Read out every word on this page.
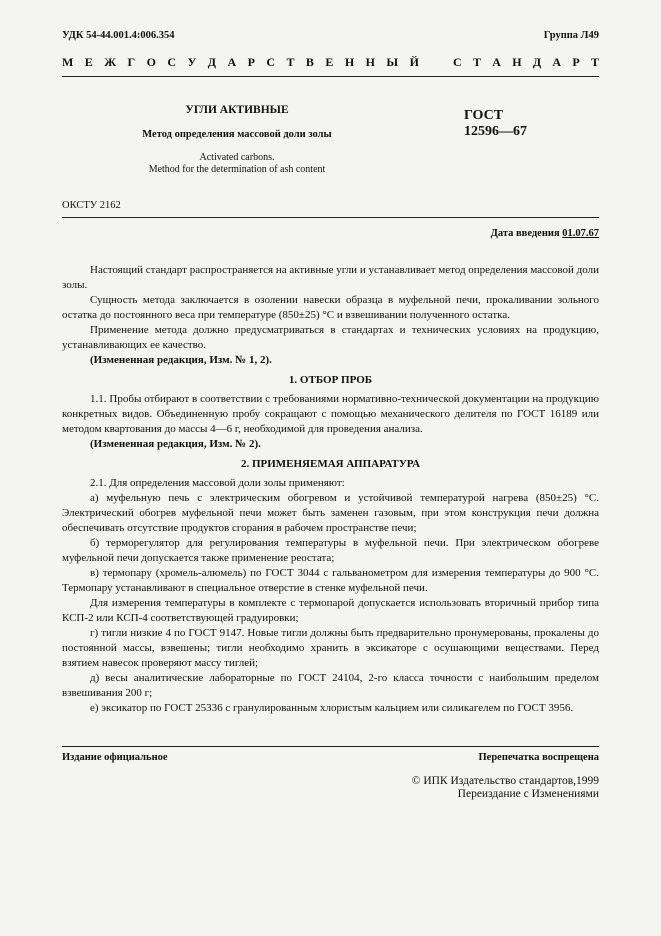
УДК 54-44.001.4:006.354	Группа Л49
М Е Ж Г О С У Д А Р С Т В Е Н Н Ы Й	С Т А Н Д А Р Т
УГЛИ АКТИВНЫЕ
Метод определения массовой доли золы
Activated carbons.
Method for the determination of ash content
ГОСТ
12596—67
ОКСТУ 2162
Дата введения 01.07.67

Настоящий стандарт распространяется на активные угли и устанавливает метод определения массовой доли золы.

Сущность метода заключается в озолении навески образца в муфельной печи, прокаливании зольного остатка до постоянного веса при температуре (850±25) °С и взвешивании полученного остатка.

Применение метода должно предусматриваться в стандартах и технических условиях на продукцию, устанавливающих ее качество.

(Измененная редакция, Изм. № 1, 2).

1. ОТБОР ПРОБ

1.1. Пробы отбирают в соответствии с требованиями нормативно-технической документации на продукцию конкретных видов. Объединенную пробу сокращают с помощью механического делителя по ГОСТ 16189 или методом квартования до массы 4—6 г, необходимой для проведения анализа.

(Измененная редакция, Изм. № 2).

2. ПРИМЕНЯЕМАЯ АППАРАТУРА

2.1. Для определения массовой доли золы применяют:

а) муфельную печь с электрическим обогревом и устойчивой температурой нагрева (850±25) °С. Электрический обогрев муфельной печи может быть заменен газовым, при этом конструкция печи должна обеспечивать отсутствие продуктов сгорания в рабочем пространстве печи;

б) терморегулятор для регулирования температуры в муфельной печи. При электрическом обогреве муфельной печи допускается также применение реостата;

в) термопару (хромель-алюмель) по ГОСТ 3044 с гальванометром для измерения температуры до 900 °С. Термопару устанавливают в специальное отверстие в стенке муфельной печи.

Для измерения температуры в комплекте с термопарой допускается использовать вторичный прибор типа КСП-2 или КСП-4 соответствующей градуировки;

г) тигли низкие 4 по ГОСТ 9147. Новые тигли должны быть предварительно пронумерованы, прокалены до постоянной массы, взвешены; тигли необходимо хранить в эксикаторе с осушающими веществами. Перед взятием навесок проверяют массу тиглей;

д) весы аналитические лабораторные по ГОСТ 24104, 2-го класса точности с наибольшим пределом взвешивания 200 г;

е) эксикатор по ГОСТ 25336 с гранулированным хлористым кальцием или силикагелем по ГОСТ 3956.

Издание официальное	Перепечатка воспрещена
© ИПК Издательство стандартов,1999
Переиздание с Изменениями
